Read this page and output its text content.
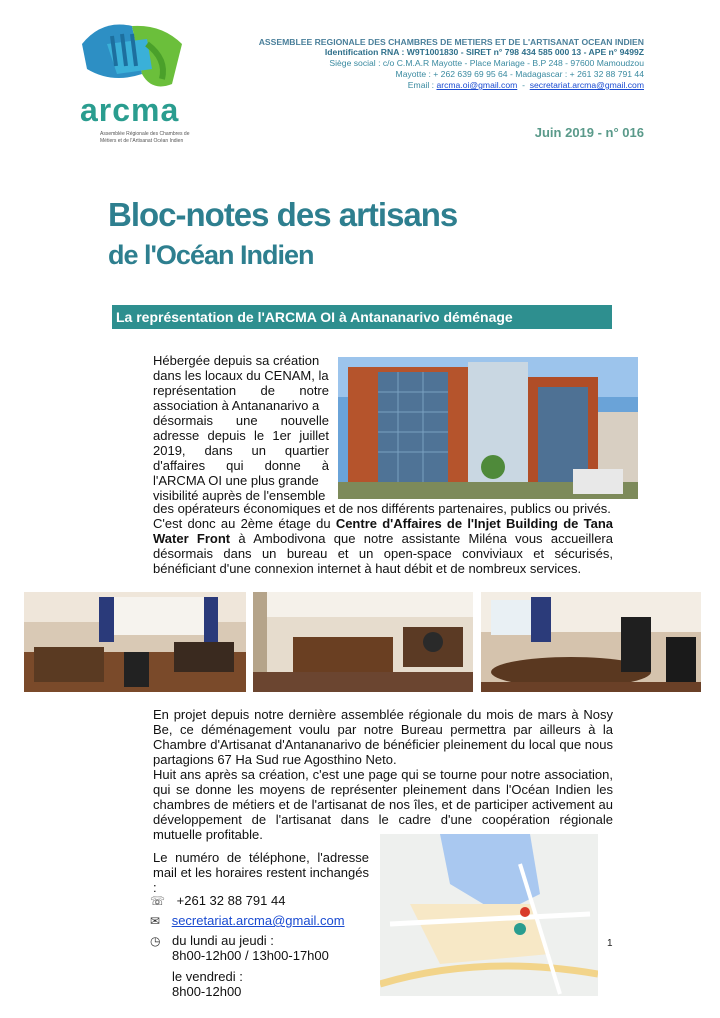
arcma
Assemblée Régionale des Chambres de Métiers et de l'Artisanat Océan Indien
ASSEMBLEE REGIONALE DES CHAMBRES DE METIERS ET DE L'ARTISANAT OCEAN INDIEN
Identification RNA : W9T1001830 - SIRET n° 798 434 585 000 13 - APE n° 9499Z
Siège social : c/o C.M.A.R Mayotte - Place Mariage - B.P 248 - 97600 Mamoudzou
Mayotte : + 262 639 69 95 64 - Madagascar : + 261 32 88 791 44
Email : arcma.oi@gmail.com  -  secretariat.arcma@gmail.com
Juin 2019 - n° 016
Bloc-notes des artisans
de l'Océan Indien
La représentation de l'ARCMA OI à Antananarivo déménage
Hébergée depuis sa création
dans les locaux du CENAM, la
représentation de notre
association à Antananarivo a
désormais une nouvelle
adresse depuis le 1er juillet
2019, dans un quartier
d'affaires qui donne à
l'ARCMA OI une plus grande
visibilité auprès de l'ensemble
des opérateurs économiques et de nos différents partenaires, publics ou privés.
C'est donc au 2ème étage du Centre d'Affaires de l'Injet Building de Tana Water Front à Ambodivona que notre assistante Miléna vous accueillera désormais dans un bureau et un open-space conviviaux et sécurisés, bénéficiant d'une connexion internet à haut débit et de nombreux services.
En projet depuis notre dernière assemblée régionale du mois de mars à Nosy Be, ce déménagement voulu par notre Bureau permettra par ailleurs à la Chambre d'Artisanat d'Antananarivo de bénéficier pleinement du local que nous partagions 67 Ha Sud rue Agosthino Neto.
Huit ans après sa création, c'est une page qui se tourne pour notre association, qui se donne les moyens de représenter pleinement dans l'Océan Indien les chambres de métiers et de l'artisanat de nos îles, et de participer activement au développement de l'artisanat dans le cadre d'une coopération régionale mutuelle profitable.
Le numéro de téléphone, l'adresse mail et les horaires restent inchangés :
☏ +261 32 88 791 44
✉ secretariat.arcma@gmail.com
◷ du lundi au jeudi :
8h00-12h00 / 13h00-17h00
le vendredi :
8h00-12h00
1
